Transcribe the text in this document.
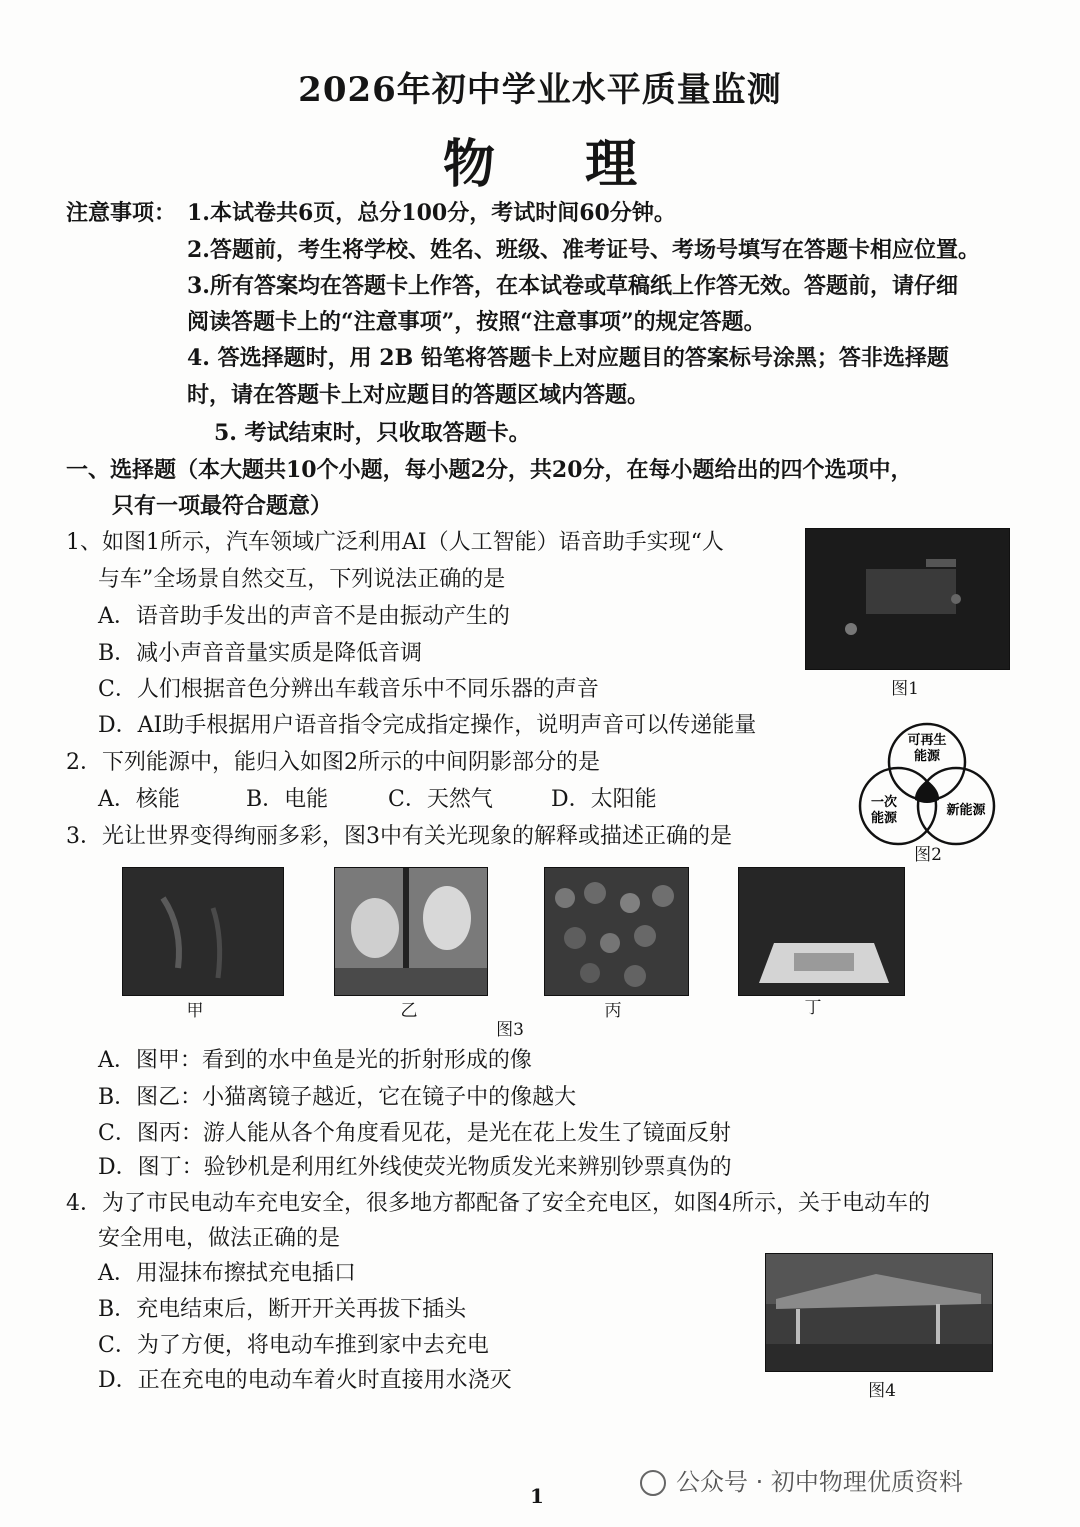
2026年初中学业水平质量监测
物理
注意事项： 1.本试卷共6页，总分100分，考试时间60分钟。
2.答题前，考生将学校、姓名、班级、准考证号、考场号填写在答题卡相应位置。
3.所有答案均在答题卡上作答，在本试卷或草稿纸上作答无效。答题前，请仔细
阅读答题卡上的“注意事项”，按照“注意事项”的规定答题。
4. 答选择题时，用 2B 铅笔将答题卡上对应题目的答案标号涂黑；答非选择题
时，请在答题卡上对应题目的答题区域内答题。
5. 考试结束时，只收取答题卡。
一、选择题（本大题共10个小题，每小题2分，共20分，在每小题给出的四个选项中，
只有一项最符合题意）
1、如图1所示，汽车领域广泛利用AI（人工智能）语音助手实现“人
与车”全场景自然交互，下列说法正确的是
A．语音助手发出的声音不是由振动产生的
B．减小声音音量实质是降低音调
C．人们根据音色分辨出车载音乐中不同乐器的声音
D．AI助手根据用户语音指令完成指定操作，说明声音可以传递能量
图1
2．下列能源中，能归入如图2所示的中间阴影部分的是
A．核能	B．电能	C．天然气	D．太阳能
可再生
能源
一次
能源
新能源
图2
3．光让世界变得绚丽多彩，图3中有关光现象的解释或描述正确的是
甲	乙	丙	丁
图3
A．图甲：看到的水中鱼是光的折射形成的像
B．图乙：小猫离镜子越近，它在镜子中的像越大
C．图丙：游人能从各个角度看见花，是光在花上发生了镜面反射
D．图丁：验钞机是利用红外线使荧光物质发光来辨别钞票真伪的
4．为了市民电动车充电安全，很多地方都配备了安全充电区，如图4所示，关于电动车的
安全用电，做法正确的是
A．用湿抹布擦拭充电插口
B．充电结束后，断开开关再拔下插头
C．为了方便，将电动车推到家中去充电
D．正在充电的电动车着火时直接用水浇灭	图4
公众号 · 初中物理优质资料
1
